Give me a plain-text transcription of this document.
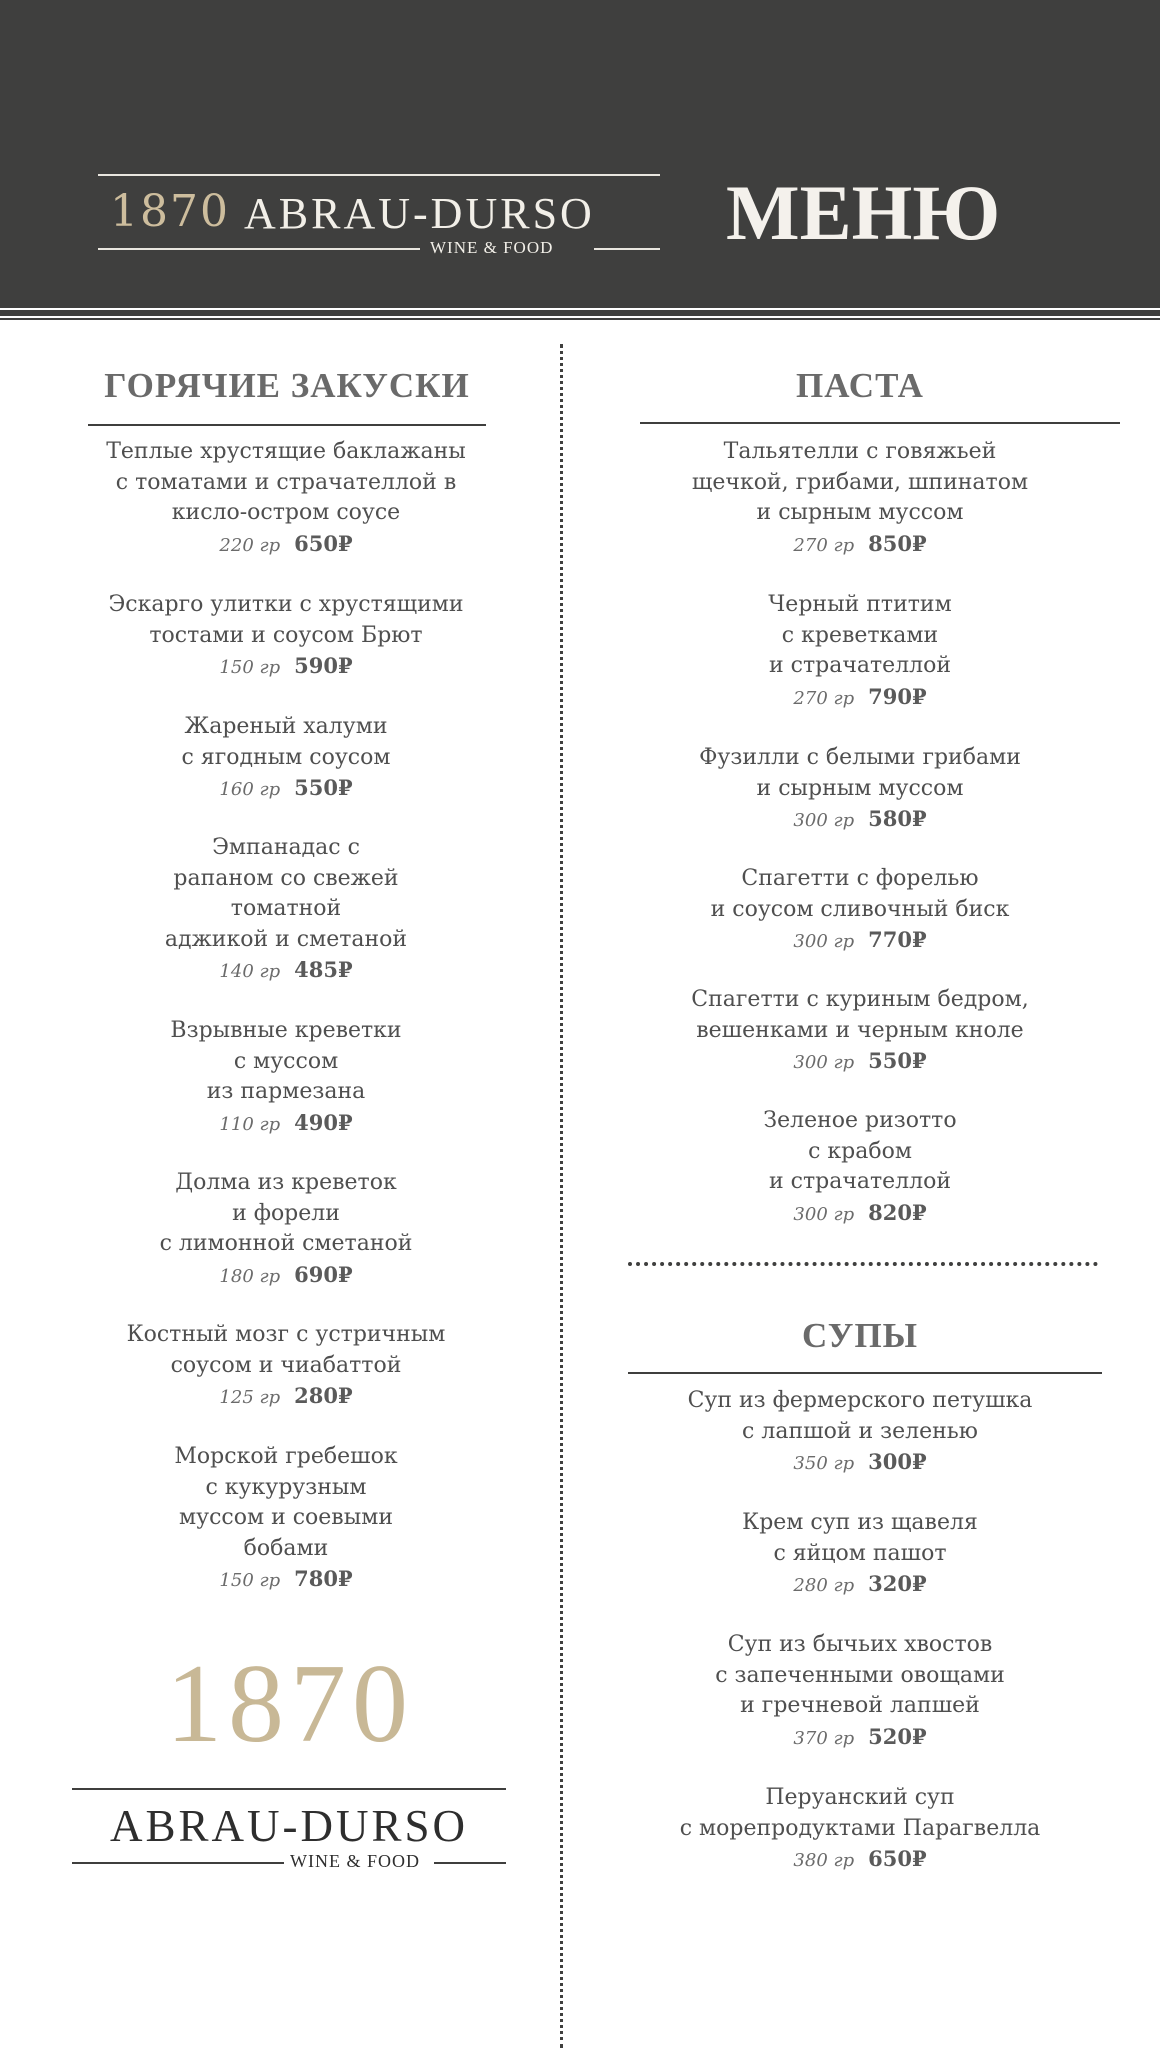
1870 ABRAU-DURSO
WINE & FOOD МЕНЮ
ГОРЯЧИЕ ЗАКУСКИ
Теплые хрустящие баклажаны
с томатами и страчателлой в
кисло-остром соусе
220 гр 650₽
Эскарго улитки с хрустящими
тостами и соусом Брют
150 гр 590₽
Жареный халуми
с ягодным соусом
160 гр 550₽
Эмпанадас с
рапаном со свежей
томатной
аджикой и сметаной
140 гр 485₽
Взрывные креветки
с муссом
из пармезана
110 гр 490₽
Долма из креветок
и форели
с лимонной сметаной
180 гр 690₽
Костный мозг с устричным
соусом и чиабаттой
125 гр 280₽
Морской гребешок
с кукурузным
муссом и соевыми
бобами
150 гр 780₽
1870
ABRAU-DURSO
WINE & FOOD
ПАСТА
Тальятелли с говяжьей
щечкой, грибами, шпинатом
и сырным муссом
270 гр 850₽
Черный птитим
с креветками
и страчателлой
270 гр 790₽
Фузилли с белыми грибами
и сырным муссом
300 гр 580₽
Спагетти с форелью
и соусом сливочный биск
300 гр 770₽
Спагетти с куриным бедром,
вешенками и черным кноле
300 гр 550₽
Зеленое ризотто
с крабом
и страчателлой
300 гр 820₽
СУПЫ
Суп из фермерского петушка
с лапшой и зеленью
350 гр 300₽
Крем суп из щавеля
с яйцом пашот
280 гр 320₽
Суп из бычьих хвостов
с запеченными овощами
и гречневой лапшей
370 гр 520₽
Перуанский суп
с морепродуктами Парагвелла
380 гр 650₽
